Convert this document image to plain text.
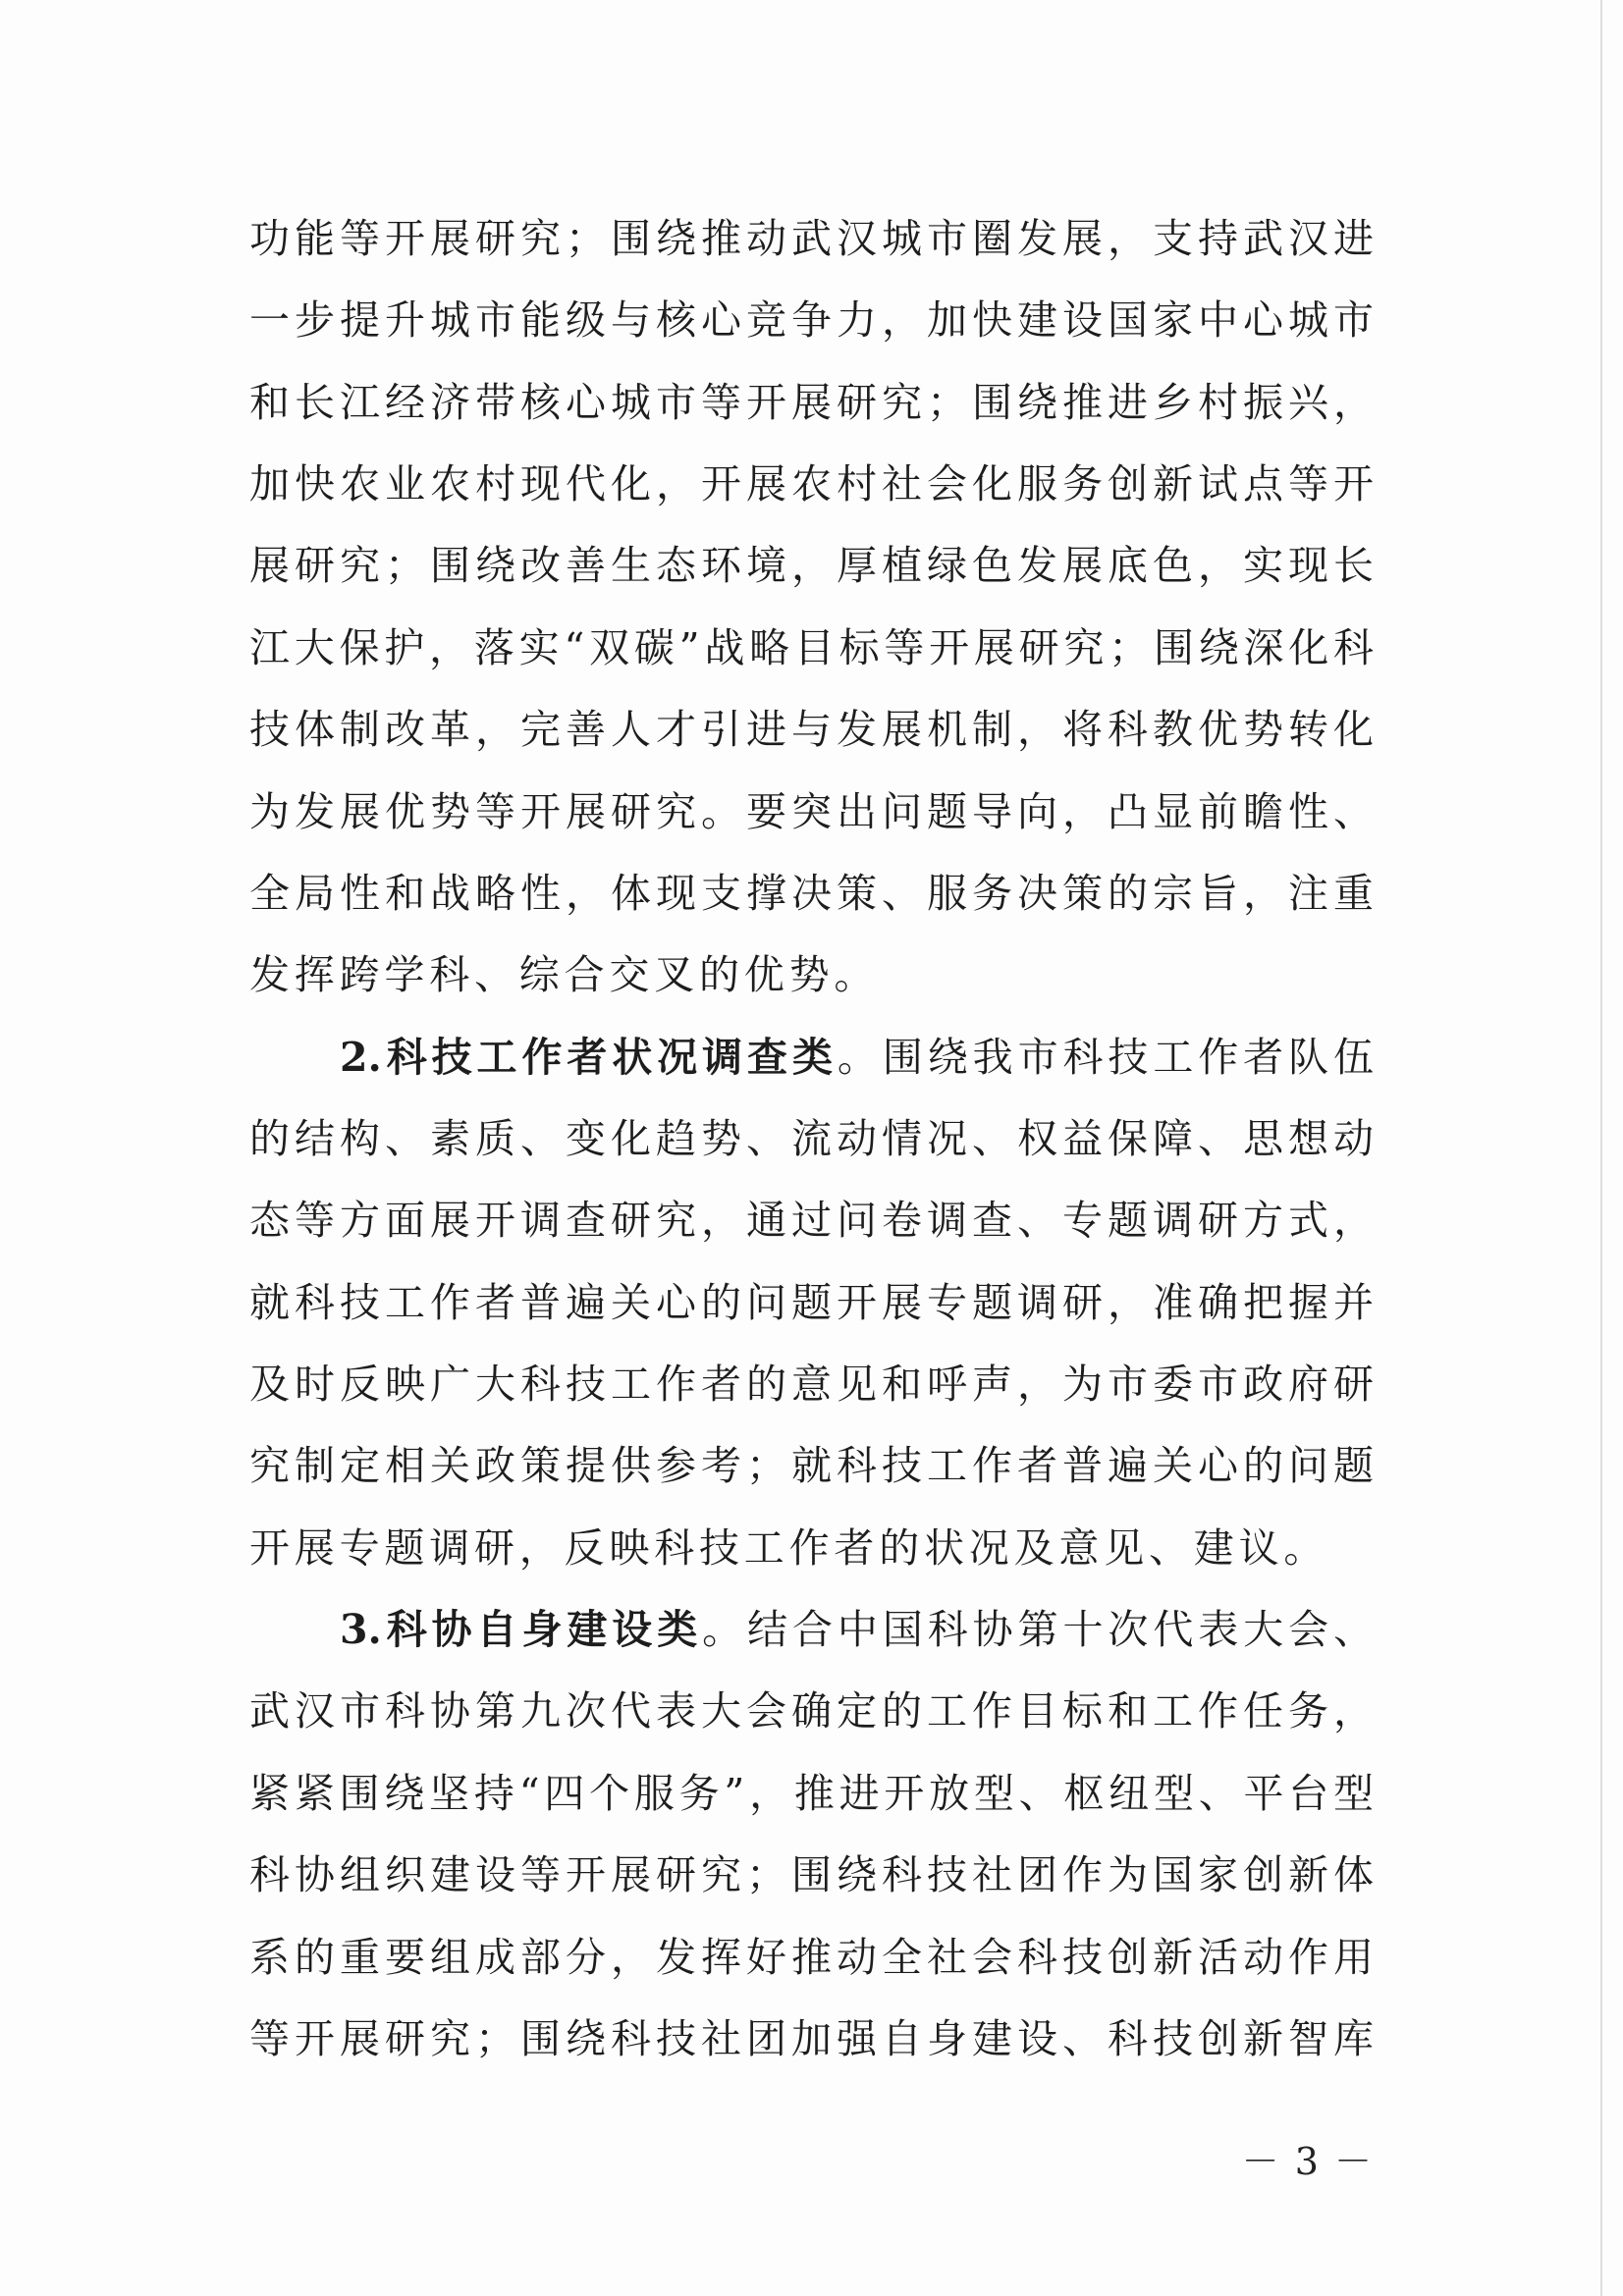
功能等开展研究；围绕推动武汉城市圈发展，支持武汉进
一步提升城市能级与核心竞争力，加快建设国家中心城市
和长江经济带核心城市等开展研究；围绕推进乡村振兴，
加快农业农村现代化，开展农村社会化服务创新试点等开
展研究；围绕改善生态环境，厚植绿色发展底色，实现长
江大保护，落实“双碳”战略目标等开展研究；围绕深化科
技体制改革，完善人才引进与发展机制，将科教优势转化
为发展优势等开展研究。要突出问题导向，凸显前瞻性、
全局性和战略性，体现支撑决策、服务决策的宗旨，注重
发挥跨学科、综合交叉的优势。
2.科技工作者状况调查类。围绕我市科技工作者队伍
的结构、素质、变化趋势、流动情况、权益保障、思想动
态等方面展开调查研究，通过问卷调查、专题调研方式，
就科技工作者普遍关心的问题开展专题调研，准确把握并
及时反映广大科技工作者的意见和呼声，为市委市政府研
究制定相关政策提供参考；就科技工作者普遍关心的问题
开展专题调研，反映科技工作者的状况及意见、建议。
3.科协自身建设类。结合中国科协第十次代表大会、
武汉市科协第九次代表大会确定的工作目标和工作任务，
紧紧围绕坚持“四个服务”，推进开放型、枢纽型、平台型
科协组织建设等开展研究；围绕科技社团作为国家创新体
系的重要组成部分，发挥好推动全社会科技创新活动作用
等开展研究；围绕科技社团加强自身建设、科技创新智库
－ 3 －
